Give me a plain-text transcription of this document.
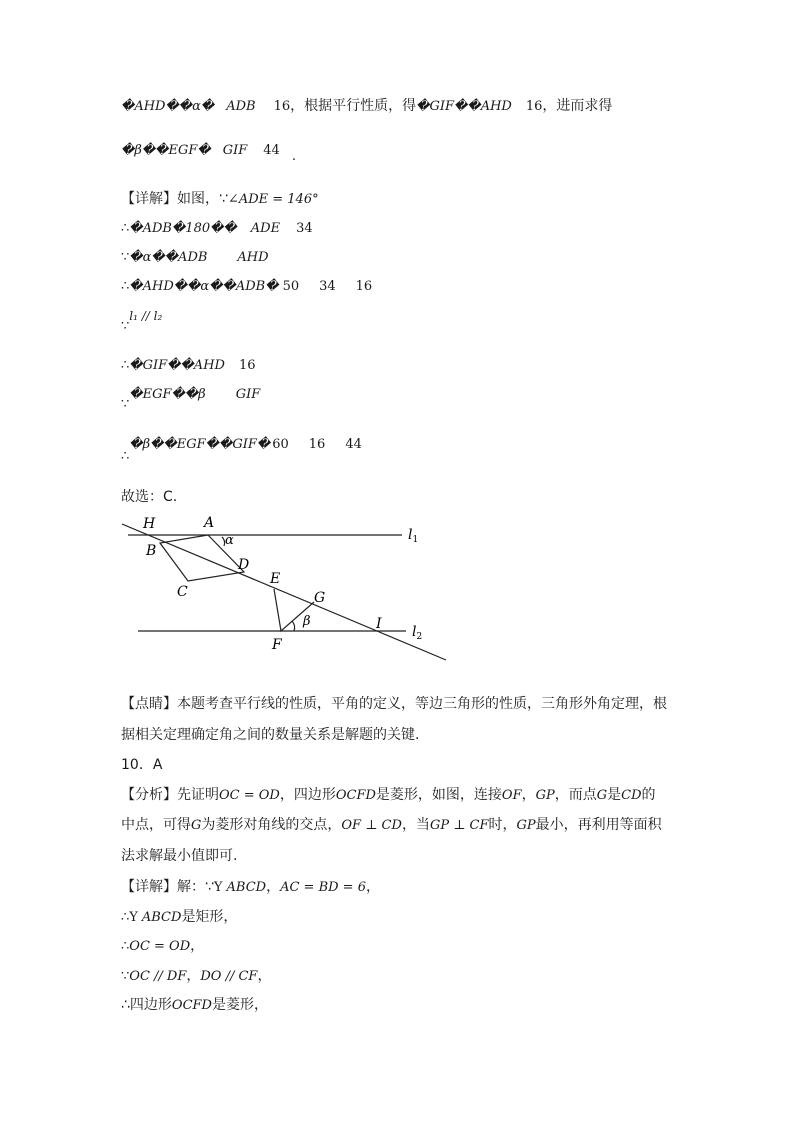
�AHD��α� ADB 16，根据平行性质，得�GIF��AHD 16，进而求得
�β��EGF� GIF 44 .
【详解】如图，∵∠ADE = 146°
∴�ADB�180�� ADE 34
∵�α��ADB AHD
∴�AHD��α��ADB� 50 34 16
∵l₁ // l₂
∴�GIF��AHD 16
∵�EGF��β GIF
∴�β��EGF��GIF� 60 16 44
故选：C.
H	A
α	$l_1$
B
D
C
E
G
β	I $l_2$
F
【点睛】本题考查平行线的性质，平角的定义，等边三角形的性质，三角形外角定理，根
据相关定理确定角之间的数量关系是解题的关键.
10．A
【分析】先证明OC = OD，四边形OCFD是菱形，如图，连接OF，GP，而点G是CD的
中点，可得G为菱形对角线的交点，OF ⊥ CD，当GP ⊥ CF时，GP最小，再利用等面积
法求解最小值即可.
【详解】解：∵Y ABCD，AC = BD = 6，
∴Y ABCD是矩形，
∴OC = OD，
∵OC // DF，DO // CF，
∴四边形OCFD是菱形，
